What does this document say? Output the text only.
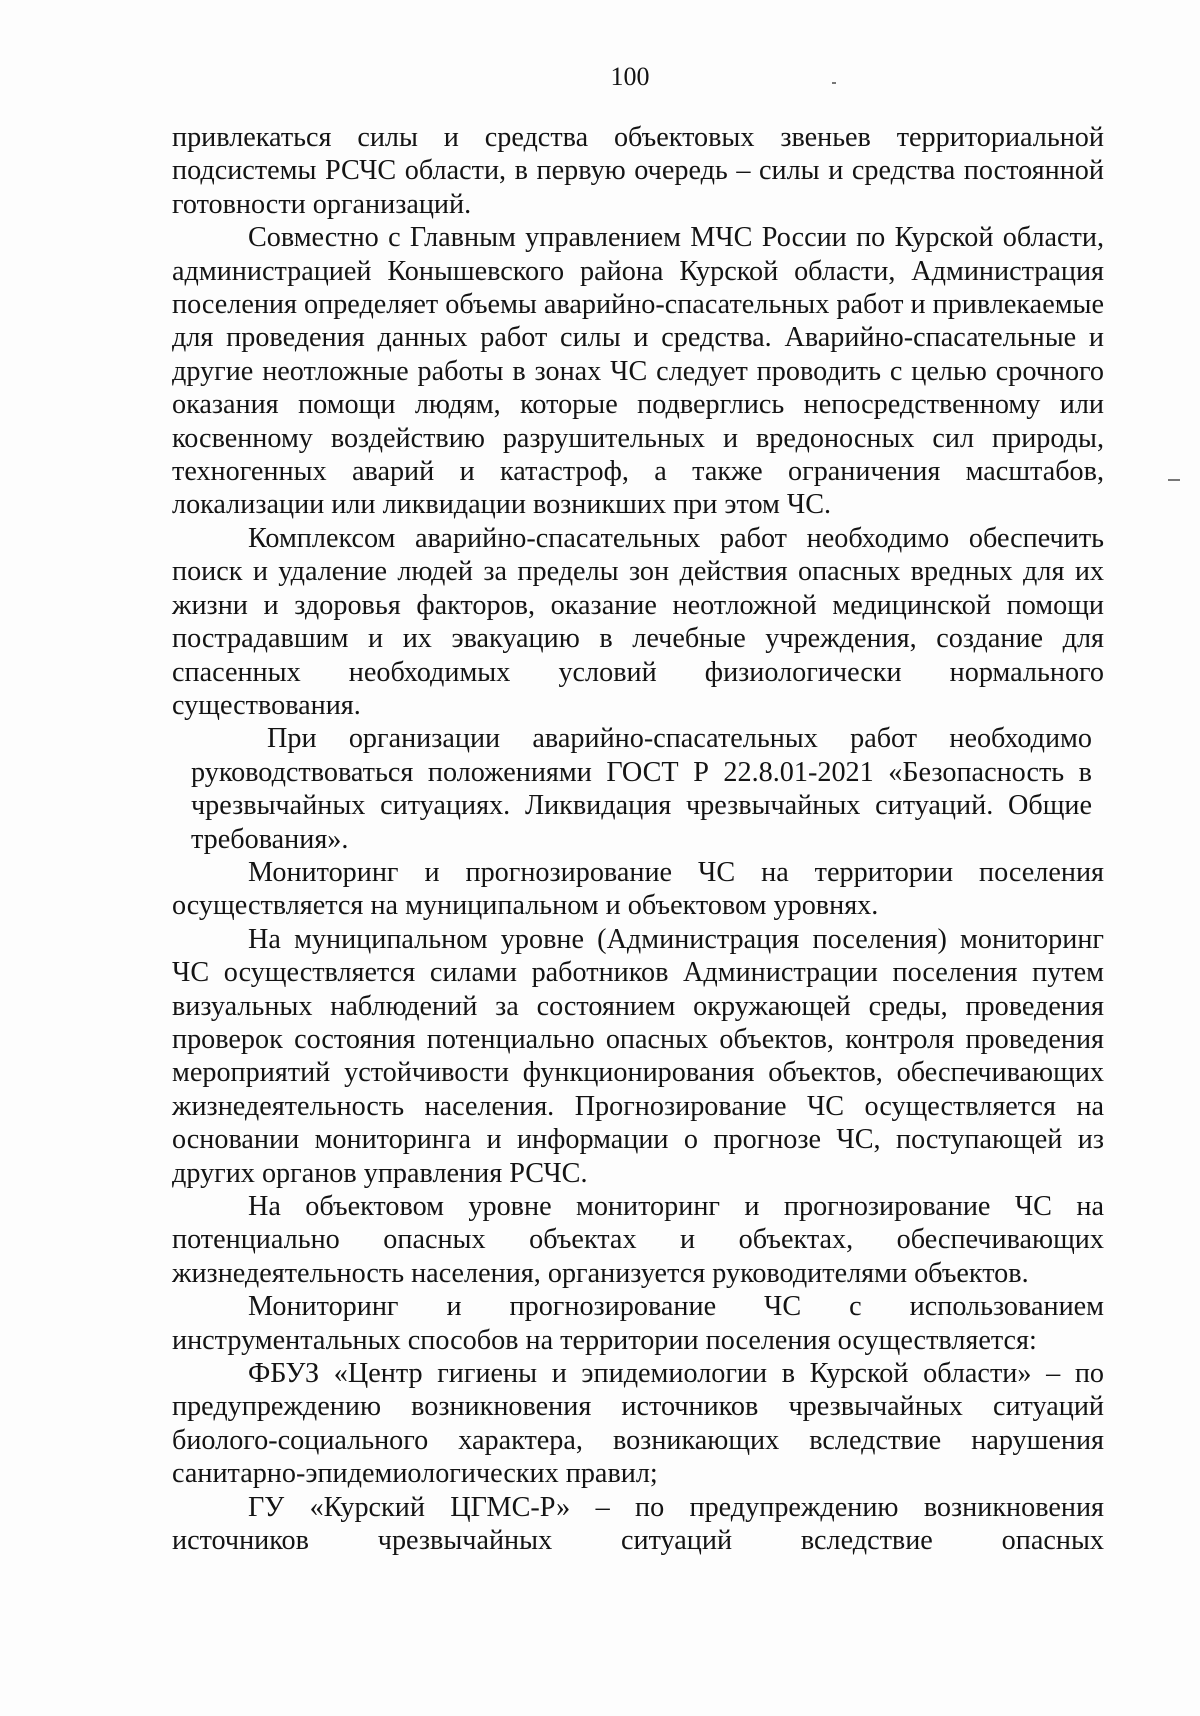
100

привлекаться силы и средства объектовых звеньев территориальной подсистемы РСЧС области, в первую очередь – силы и средства постоянной готовности организаций.

Совместно с Главным управлением МЧС России по Курской области, администрацией Конышевского района Курской области, Администрация поселения определяет объемы аварийно-спасательных работ и привлекаемые для проведения данных работ силы и средства. Аварийно-спасательные и другие неотложные работы в зонах ЧС следует проводить с целью срочного оказания помощи людям, которые подверглись непосредственному или косвенному воздействию разрушительных и вредоносных сил природы, техногенных аварий и катастроф, а также ограничения масштабов, локализации или ликвидации возникших при этом ЧС.

Комплексом аварийно-спасательных работ необходимо обеспечить поиск и удаление людей за пределы зон действия опасных вредных для их жизни и здоровья факторов, оказание неотложной медицинской помощи пострадавшим и их эвакуацию в лечебные учреждения, создание для спасенных необходимых условий физиологически нормального существования.

При организации аварийно-спасательных работ необходимо руководствоваться положениями ГОСТ Р 22.8.01-2021 «Безопасность в чрезвычайных ситуациях. Ликвидация чрезвычайных ситуаций. Общие требования».

Мониторинг и прогнозирование ЧС на территории поселения осуществляется на муниципальном и объектовом уровнях.

На муниципальном уровне (Администрация поселения) мониторинг ЧС осуществляется силами работников Администрации поселения путем визуальных наблюдений за состоянием окружающей среды, проведения проверок состояния потенциально опасных объектов, контроля проведения мероприятий устойчивости функционирования объектов, обеспечивающих жизнедеятельность населения. Прогнозирование ЧС осуществляется на основании мониторинга и информации о прогнозе ЧС, поступающей из других органов управления РСЧС.

На объектовом уровне мониторинг и прогнозирование ЧС на потенциально опасных объектах и объектах, обеспечивающих жизнедеятельность населения, организуется руководителями объектов.

Мониторинг и прогнозирование ЧС с использованием инструментальных способов на территории поселения осуществляется:

ФБУЗ «Центр гигиены и эпидемиологии в Курской области» – по предупреждению возникновения источников чрезвычайных ситуаций биолого-социального характера, возникающих вследствие нарушения санитарно-эпидемиологических правил;

ГУ «Курский ЦГМС-Р» – по предупреждению возникновения источников чрезвычайных ситуаций вследствие опасных
